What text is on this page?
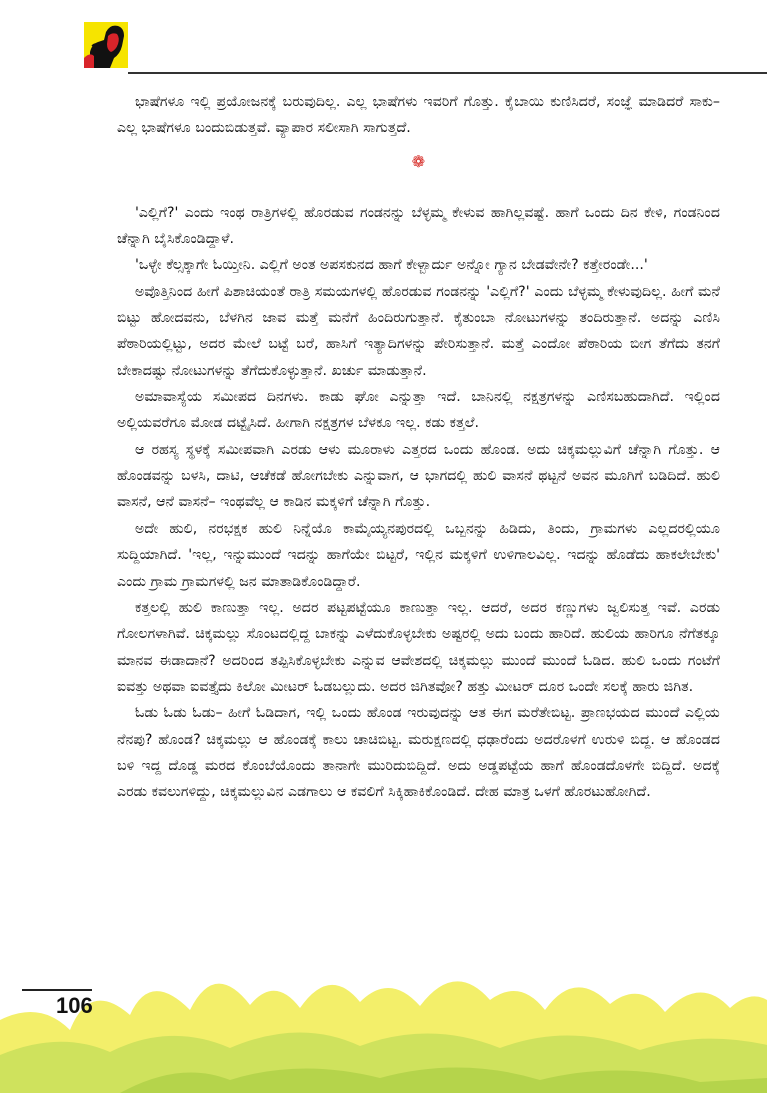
ಭಾಷೆಗಳೂ ಇಲ್ಲಿ ಪ್ರಯೋಜನಕ್ಕೆ ಬರುವುದಿಲ್ಲ. ಎಲ್ಲ ಭಾಷೆಗಳು ಇವರಿಗೆ ಗೊತ್ತು. ಕೈಬಾಯಿ ಕುಣಿಸಿದರೆ, ಸಂಜ್ಞೆ ಮಾಡಿದರೆ ಸಾಕು– ಎಲ್ಲ ಭಾಷೆಗಳೂ ಬಂದುಬಿಡುತ್ತವೆ. ವ್ಯಾಪಾರ ಸಲೀಸಾಗಿ ಸಾಗುತ್ತದೆ.

❁

'ಎಲ್ಲಿಗೆ?' ಎಂದು ಇಂಥ ರಾತ್ರಿಗಳಲ್ಲಿ ಹೊರಡುವ ಗಂಡನನ್ನು ಬೆಳ್ಳಮ್ಮ ಕೇಳುವ ಹಾಗಿಲ್ಲವಷ್ಟೆ. ಹಾಗೆ ಒಂದು ದಿನ ಕೇಳಿ, ಗಂಡನಿಂದ ಚೆನ್ನಾಗಿ ಬೈಸಿಕೊಂಡಿದ್ದಾಳೆ.

'ಒಳ್ಳೇ ಕೆಲ್ಸಕ್ಕಾಗೇ ಓಯ್ತೀನಿ. ಎಲ್ಲಿಗೆ ಅಂತ ಅಪಸಕುನದ ಹಾಗೆ ಕೇಳ್ಬಾರ್ದು ಅನ್ನೋ ಗ್ಯಾನ ಬೇಡವೇನೇ? ಕತ್ತೇರಂಡೇ...'

ಅವೊತ್ತಿನಿಂದ ಹೀಗೆ ಪಿಶಾಚಿಯಂತೆ ರಾತ್ರಿ ಸಮಯಗಳಲ್ಲಿ ಹೊರಡುವ ಗಂಡನನ್ನು 'ಎಲ್ಲಿಗೆ?' ಎಂದು ಬೆಳ್ಳಮ್ಮ ಕೇಳುವುದಿಲ್ಲ. ಹೀಗೆ ಮನೆ ಬಿಟ್ಟು ಹೋದವನು, ಬೆಳಗಿನ ಜಾವ ಮತ್ತೆ ಮನೆಗೆ ಹಿಂದಿರುಗುತ್ತಾನೆ. ಕೈತುಂಬಾ ನೋಟುಗಳನ್ನು ತಂದಿರುತ್ತಾನೆ. ಅದನ್ನು ಎಣಿಸಿ ಪೆಠಾರಿಯಲ್ಲಿಟ್ಟು, ಅದರ ಮೇಲೆ ಬಟ್ಟೆ ಬರೆ, ಹಾಸಿಗೆ ಇತ್ಯಾದಿಗಳನ್ನು ಪೇರಿಸುತ್ತಾನೆ. ಮತ್ತೆ ಎಂದೋ ಪೆಠಾರಿಯ ಬೀಗ ತೆಗೆದು ತನಗೆ ಬೇಕಾದಷ್ಟು ನೋಟುಗಳನ್ನು ತೆಗೆದುಕೊಳ್ಳುತ್ತಾನೆ. ಖರ್ಚು ಮಾಡುತ್ತಾನೆ.

ಅಮಾವಾಸ್ಯೆಯ ಸಮೀಪದ ದಿನಗಳು. ಕಾಡು ಘೋ ಎನ್ನುತ್ತಾ ಇದೆ. ಬಾನಿನಲ್ಲಿ ನಕ್ಷತ್ರಗಳನ್ನು ಎಣಿಸಬಹುದಾಗಿದೆ. ಇಲ್ಲಿಂದ ಅಲ್ಲಿಯವರೆಗೂ ಮೋಡ ದಟ್ಟೈಸಿದೆ. ಹೀಗಾಗಿ ನಕ್ಷತ್ರಗಳ ಬೆಳಕೂ ಇಲ್ಲ. ಕಡು ಕತ್ತಲೆ.

ಆ ರಹಸ್ಯ ಸ್ಥಳಕ್ಕೆ ಸಮೀಪವಾಗಿ ಎರಡು ಆಳು ಮೂರಾಳು ಎತ್ತರದ ಒಂದು ಹೊಂಡ. ಅದು ಚಿಕ್ಕಮಲ್ಲುವಿಗೆ ಚೆನ್ನಾಗಿ ಗೊತ್ತು. ಆ ಹೊಂಡವನ್ನು ಬಳಸಿ, ದಾಟಿ, ಆಚೆಕಡೆ ಹೋಗಬೇಕು ಎನ್ನುವಾಗ, ಆ ಭಾಗದಲ್ಲಿ ಹುಲಿ ವಾಸನೆ ಥಟ್ಟನೆ ಅವನ ಮೂಗಿಗೆ ಬಡಿದಿದೆ. ಹುಲಿ ವಾಸನೆ, ಆನೆ ವಾಸನೆ– ಇಂಥವೆಲ್ಲ ಆ ಕಾಡಿನ ಮಕ್ಕಳಿಗೆ ಚೆನ್ನಾಗಿ ಗೊತ್ತು.

ಅದೇ ಹುಲಿ, ನರಭಕ್ಷಕ ಹುಲಿ ನಿನ್ನೆಯೊ ಕಾಮೈಯ್ಯನಪುರದಲ್ಲಿ ಒಬ್ಬನನ್ನು ಹಿಡಿದು, ತಿಂದು, ಗ್ರಾಮಗಳು ಎಲ್ಲದರಲ್ಲಿಯೂ ಸುದ್ದಿಯಾಗಿದೆ. 'ಇಲ್ಲ, ಇನ್ನುಮುಂದೆ ಇದನ್ನು ಹಾಗೆಯೇ ಬಿಟ್ಟರೆ, ಇಲ್ಲಿನ ಮಕ್ಕಳಿಗೆ ಉಳಿಗಾಲವಿಲ್ಲ. ಇದನ್ನು ಹೊಡೆದು ಹಾಕಲೇಬೇಕು' ಎಂದು ಗ್ರಾಮ ಗ್ರಾಮಗಳಲ್ಲಿ ಜನ ಮಾತಾಡಿಕೊಂಡಿದ್ದಾರೆ.

ಕತ್ತಲಲ್ಲಿ ಹುಲಿ ಕಾಣುತ್ತಾ ಇಲ್ಲ. ಅದರ ಪಟ್ಟಪಟ್ಟೆಯೂ ಕಾಣುತ್ತಾ ಇಲ್ಲ. ಆದರೆ, ಅದರ ಕಣ್ಣುಗಳು ಜ್ವಲಿಸುತ್ತ ಇವೆ. ಎರಡು ಗೋಲಗಳಾಗಿವೆ. ಚಿಕ್ಕಮಲ್ಲು ಸೊಂಟದಲ್ಲಿದ್ದ ಬಾಕನ್ನು ಎಳೆದುಕೊಳ್ಳಬೇಕು ಅಷ್ಟರಲ್ಲಿ ಅದು ಬಂದು ಹಾರಿದೆ. ಹುಲಿಯ ಹಾರಿಗೂ ನೆಗೆತಕ್ಕೂ ಮಾನವ ಈಡಾದಾನೆ? ಅದರಿಂದ ತಪ್ಪಿಸಿಕೊಳ್ಳಬೇಕು ಎನ್ನುವ ಆವೇಶದಲ್ಲಿ ಚಿಕ್ಕಮಲ್ಲು ಮುಂದೆ ಮುಂದೆ ಓಡಿದ. ಹುಲಿ ಒಂದು ಗಂಟೆಗೆ ಐವತ್ತು ಅಥವಾ ಐವತ್ತೈದು ಕಿಲೋ ಮೀಟರ್ ಓಡಬಲ್ಲುದು. ಅದರ ಜಿಗಿತವೋ? ಹತ್ತು ಮೀಟರ್ ದೂರ ಒಂದೇ ಸಲಕ್ಕೆ ಹಾರು ಜಿಗಿತ.

ಓಡು ಓಡು ಓಡು– ಹೀಗೆ ಓಡಿದಾಗ, ಇಲ್ಲಿ ಒಂದು ಹೊಂಡ ಇರುವುದನ್ನು ಆತ ಈಗ ಮರೆತೇಬಿಟ್ಟ. ಪ್ರಾಣಭಯದ ಮುಂದೆ ಎಲ್ಲಿಯ ನೆನಪು? ಹೊಂಡ? ಚಿಕ್ಕಮಲ್ಲು ಆ ಹೊಂಡಕ್ಕೆ ಕಾಲು ಚಾಚಿಬಿಟ್ಟ. ಮರುಕ್ಷಣದಲ್ಲಿ ಧಢಾರೆಂದು ಅದರೊಳಗೆ ಉರುಳಿ ಬಿದ್ದ. ಆ ಹೊಂಡದ ಬಳಿ ಇದ್ದ ದೊಡ್ಡ ಮರದ ಕೊಂಬೆಯೊಂದು ತಾನಾಗೇ ಮುರಿದುಬಿದ್ದಿದೆ. ಅದು ಅಡ್ಡಪಟ್ಟೆಯ ಹಾಗೆ ಹೊಂಡದೊಳಗೇ ಬಿದ್ದಿದೆ. ಅದಕ್ಕೆ ಎರಡು ಕವಲುಗಳಿದ್ದು, ಚಿಕ್ಕಮಲ್ಲುವಿನ ಎಡಗಾಲು ಆ ಕವಲಿಗೆ ಸಿಕ್ಕಿಹಾಕಿಕೊಂಡಿದೆ. ದೇಹ ಮಾತ್ರ ಒಳಗೆ ಹೊರಟುಹೋಗಿದೆ.

106
